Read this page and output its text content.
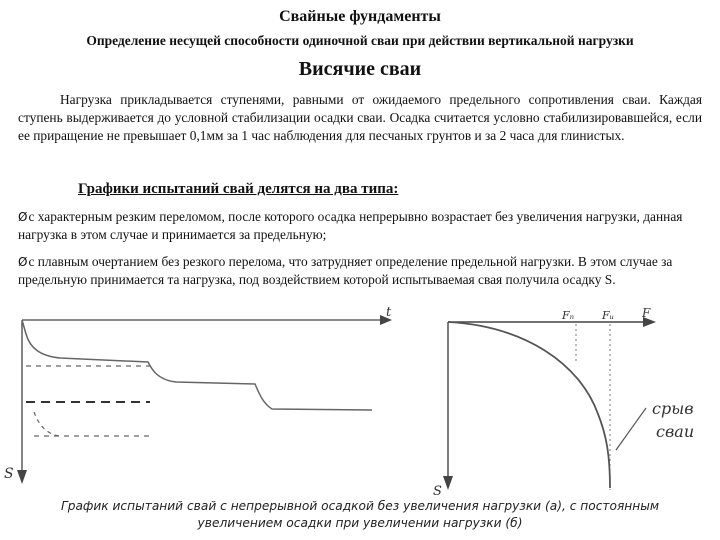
Свайные фундаменты
Определение несущей способности одиночной сваи при действии вертикальной нагрузки
Висячие сваи
Нагрузка прикладывается ступенями, равными от ожидаемого предельного сопротивления сваи. Каждая ступень выдерживается до условной стабилизации осадки сваи. Осадка считается условно стабилизировавшейся, если ее приращение не превышает 0,1мм за 1 час наблюдения для песчаных грунтов и за 2 часа для глинистых.
Графики испытаний свай делятся на два типа:
Øс характерным резким переломом, после которого осадка непрерывно возрастает без увеличения нагрузки, данная нагрузка в этом случае и принимается за предельную;
Øс плавным очертанием без резкого перелома, что затрудняет определение предельной нагрузки. В этом случае за предельную принимается та нагрузка, под воздействием которой испытываемая свая получила осадку S.
t
S
F
S
Fₙ	Fᵤ
срыв
сваи
График испытаний свай с непрерывной осадкой без увеличения нагрузки (а), с постоянным увеличением осадки при увеличении нагрузки (б)
